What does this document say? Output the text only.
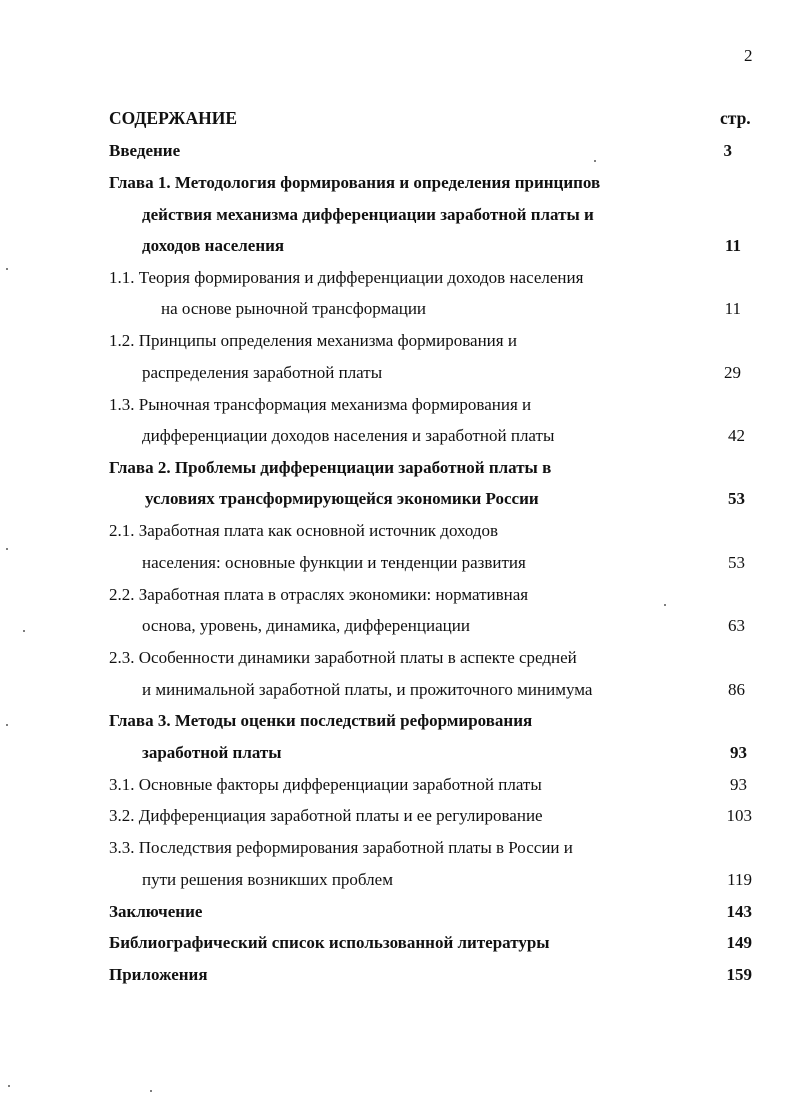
2
СОДЕРЖАНИЕ	стр.
Введение	3
Глава 1. Методология формирования и определения принципов
действия механизма дифференциации заработной платы и
доходов населения	11
1.1. Теория формирования и дифференциации доходов населения
на основе рыночной трансформации	11
1.2. Принципы определения механизма формирования и
распределения заработной платы	29
1.3. Рыночная трансформация механизма формирования и
дифференциации доходов населения и заработной платы	42
Глава 2. Проблемы дифференциации заработной платы в
условиях трансформирующейся экономики России	53
2.1. Заработная плата как основной источник доходов
населения: основные функции и тенденции развития	53
2.2. Заработная плата в отраслях экономики: нормативная
основа, уровень, динамика, дифференциации	63
2.3. Особенности динамики заработной платы в аспекте средней
и минимальной заработной платы, и прожиточного минимума	86
Глава 3. Методы оценки последствий реформирования
заработной платы	93
3.1. Основные факторы дифференциации заработной платы	93
3.2. Дифференциация заработной платы и ее регулирование	103
3.3. Последствия реформирования заработной платы в России и
пути решения возникших проблем	119
Заключение	143
Библиографический список использованной литературы	149
Приложения	159
